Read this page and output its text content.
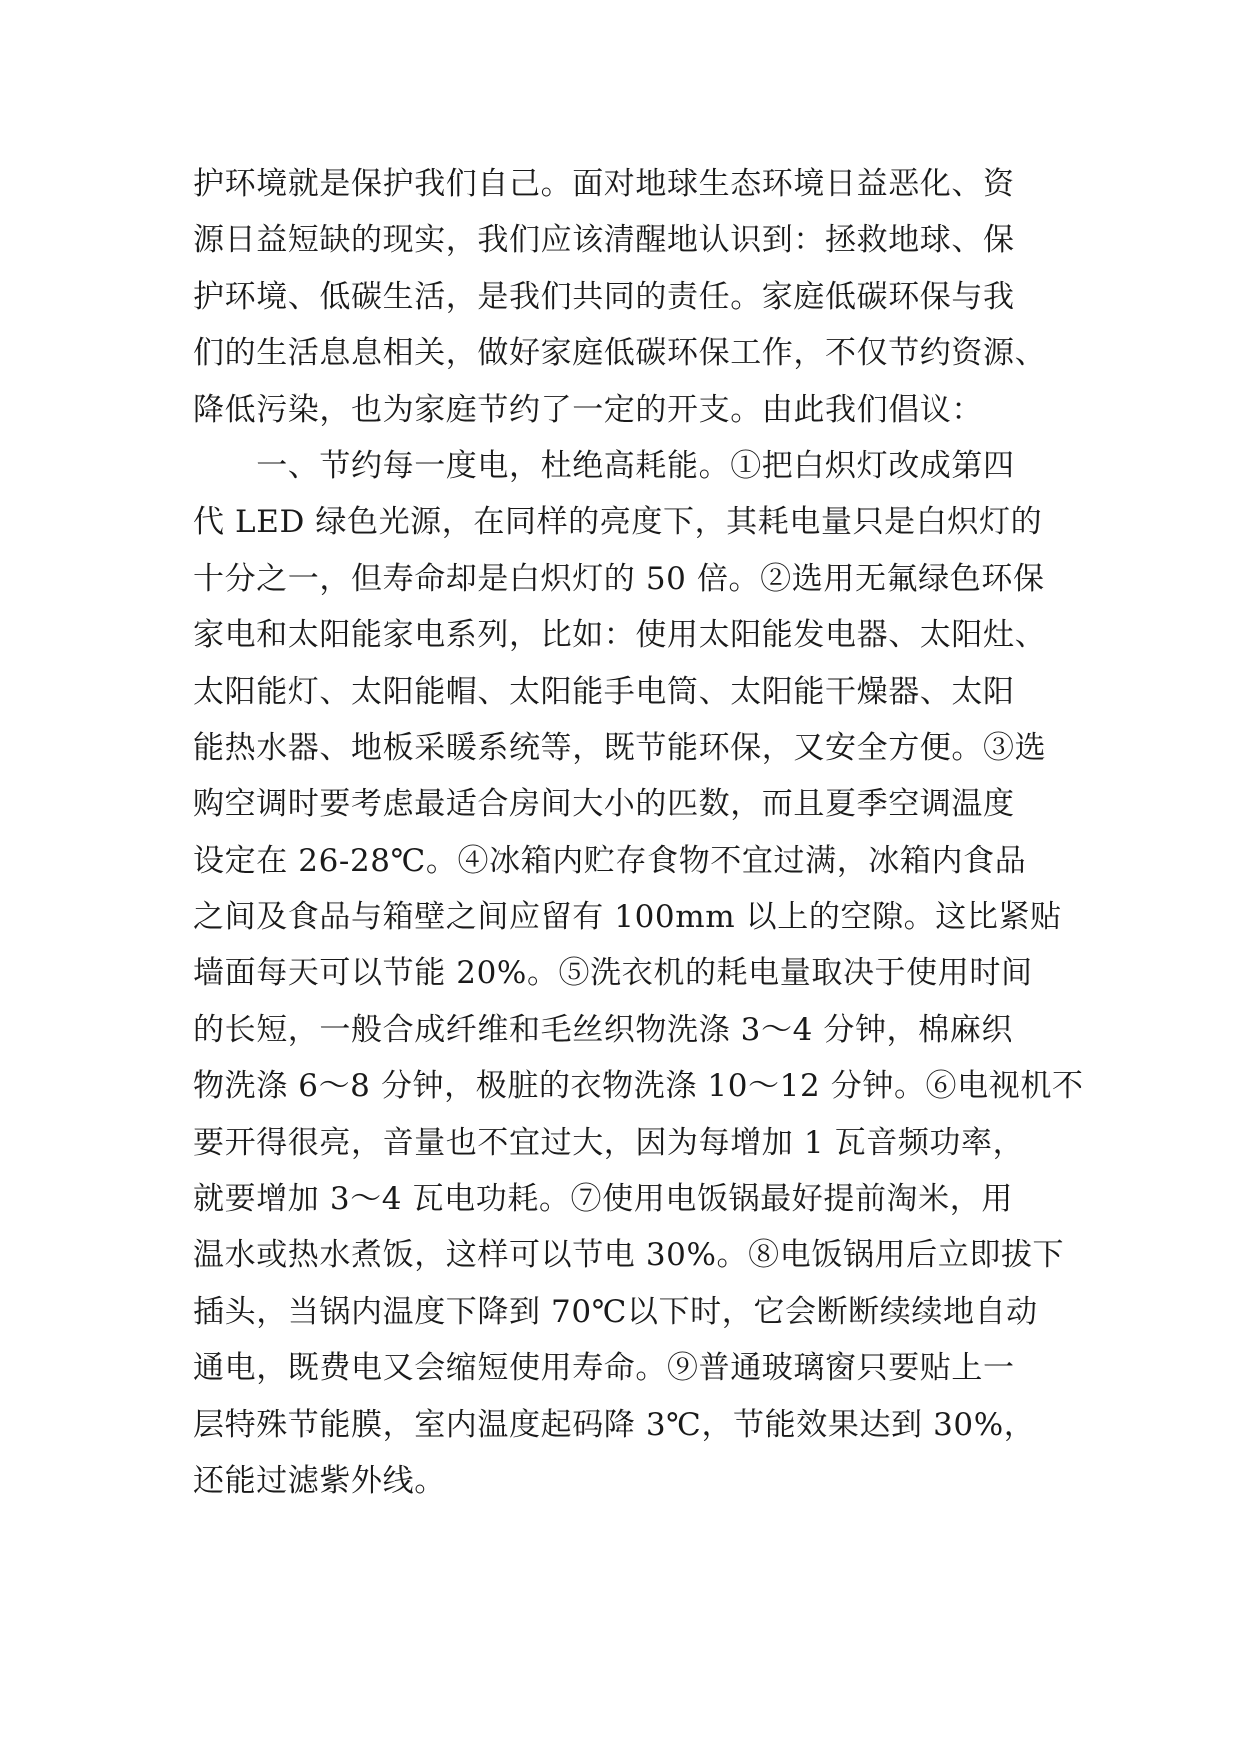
护环境就是保护我们自己。面对地球生态环境日益恶化、资
源日益短缺的现实，我们应该清醒地认识到：拯救地球、保
护环境、低碳生活，是我们共同的责任。家庭低碳环保与我
们的生活息息相关，做好家庭低碳环保工作，不仅节约资源、
降低污染，也为家庭节约了一定的开支。由此我们倡议：
　　一、节约每一度电，杜绝高耗能。①把白炽灯改成第四
代 LED 绿色光源，在同样的亮度下，其耗电量只是白炽灯的
十分之一，但寿命却是白炽灯的 50 倍。②选用无氟绿色环保
家电和太阳能家电系列，比如：使用太阳能发电器、太阳灶、
太阳能灯、太阳能帽、太阳能手电筒、太阳能干燥器、太阳
能热水器、地板采暖系统等，既节能环保，又安全方便。③选
购空调时要考虑最适合房间大小的匹数，而且夏季空调温度
设定在 26-28℃。④冰箱内贮存食物不宜过满，冰箱内食品
之间及食品与箱壁之间应留有 100mm 以上的空隙。这比紧贴
墙面每天可以节能 20%。⑤洗衣机的耗电量取决于使用时间
的长短，一般合成纤维和毛丝织物洗涤 3～4 分钟，棉麻织
物洗涤 6～8 分钟，极脏的衣物洗涤 10～12 分钟。⑥电视机不
要开得很亮，音量也不宜过大，因为每增加 1 瓦音频功率，
就要增加 3～4 瓦电功耗。⑦使用电饭锅最好提前淘米，用
温水或热水煮饭，这样可以节电 30%。⑧电饭锅用后立即拔下
插头，当锅内温度下降到 70℃以下时，它会断断续续地自动
通电，既费电又会缩短使用寿命。⑨普通玻璃窗只要贴上一
层特殊节能膜，室内温度起码降 3℃，节能效果达到 30%，
还能过滤紫外线。
